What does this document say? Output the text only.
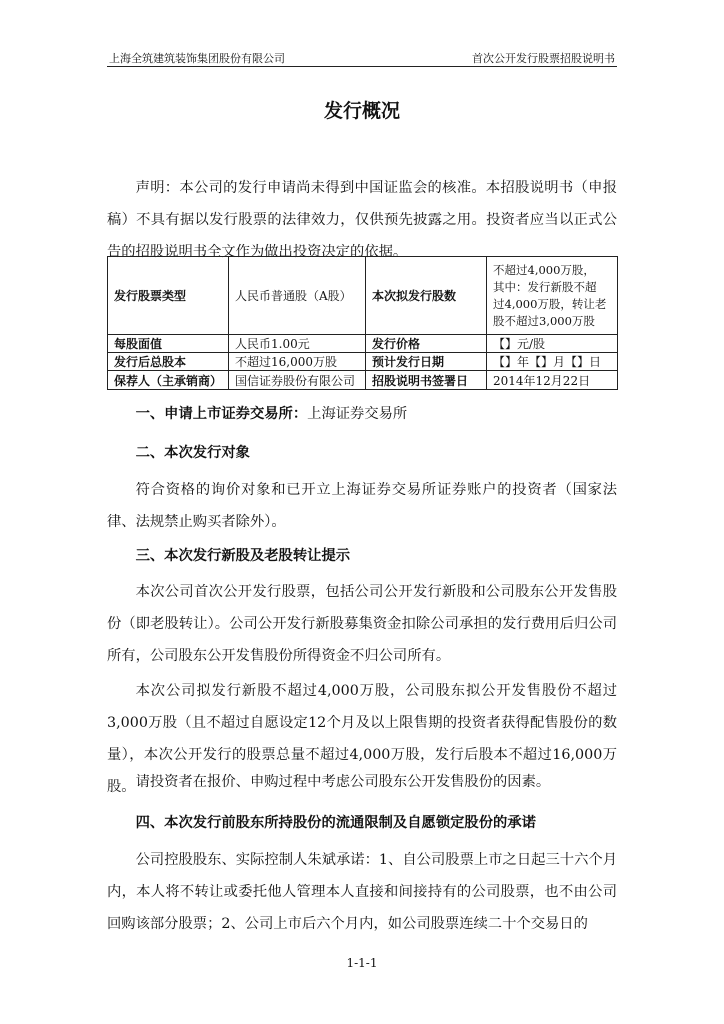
上海全筑建筑装饰集团股份有限公司	首次公开发行股票招股说明书
发行概况

声明：本公司的发行申请尚未得到中国证监会的核准。本招股说明书（申报稿）不具有据以发行股票的法律效力，仅供预先披露之用。投资者应当以正式公告的招股说明书全文作为做出投资决定的依据。

发行股票类型	人民币普通股（A股）	本次拟发行股数	不超过4,000万股，
其中：发行新股不超
过4,000万股，转让老
股不超过3,000万股

每股面值	人民币1.00元	发行价格	【】元/股
发行后总股本	不超过16,000万股	预计发行日期	【】年【】月【】日
保荐人（主承销商）	国信证券股份有限公司	招股说明书签署日	2014年12月22日

一、申请上市证券交易所：上海证券交易所

二、本次发行对象

符合资格的询价对象和已开立上海证券交易所证券账户的投资者（国家法律、法规禁止购买者除外）。

三、本次发行新股及老股转让提示

本次公司首次公开发行股票，包括公司公开发行新股和公司股东公开发售股份（即老股转让）。公司公开发行新股募集资金扣除公司承担的发行费用后归公司所有，公司股东公开发售股份所得资金不归公司所有。

本次公司拟发行新股不超过4,000万股，公司股东拟公开发售股份不超过3,000万股（且不超过自愿设定12个月及以上限售期的投资者获得配售股份的数量），本次公开发行的股票总量不超过4,000万股，发行后股本不超过16,000万股。 请投资者在报价、申购过程中考虑公司股东公开发售股份的因素。

四、本次发行前股东所持股份的流通限制及自愿锁定股份的承诺

公司控股股东、实际控制人朱斌承诺：1、自公司股票上市之日起三十六个月内，本人将不转让或委托他人管理本人直接和间接持有的公司股票，也不由公司回购该部分股票；2、公司上市后六个月内，如公司股票连续二十个交易日的

1-1-1
